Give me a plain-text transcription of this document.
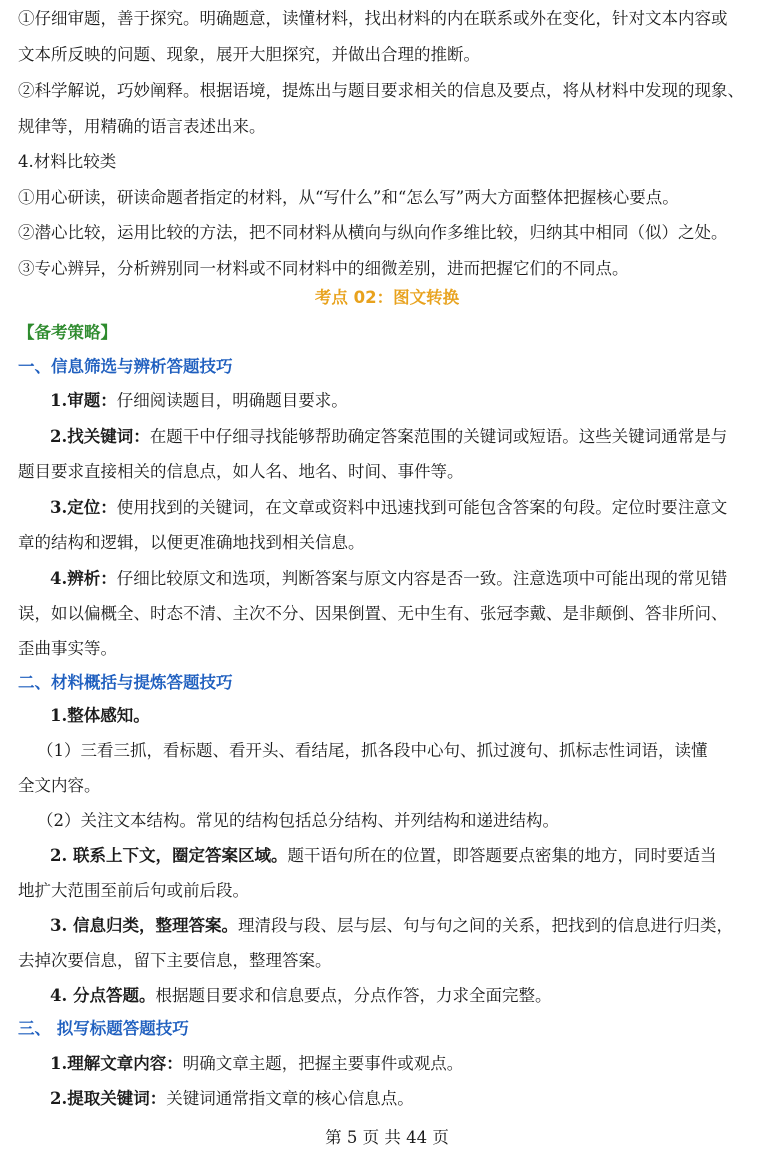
①仔细审题，善于探究。明确题意，读懂材料，找出材料的内在联系或外在变化，针对文本内容或
文本所反映的问题、现象，展开大胆探究，并做出合理的推断。
②科学解说，巧妙阐释。根据语境，提炼出与题目要求相关的信息及要点，将从材料中发现的现象、
规律等，用精确的语言表述出来。
4.材料比较类
①用心研读，研读命题者指定的材料，从“写什么”和“怎么写”两大方面整体把握核心要点。
②潜心比较，运用比较的方法，把不同材料从横向与纵向作多维比较，归纳其中相同（似）之处。
③专心辨异，分析辨别同一材料或不同材料中的细微差别，进而把握它们的不同点。
考点 02：图文转换
【备考策略】
一、信息筛选与辨析答题技巧
1.审题：仔细阅读题目，明确题目要求。
2.找关键词：在题干中仔细寻找能够帮助确定答案范围的关键词或短语。这些关键词通常是与
题目要求直接相关的信息点，如人名、地名、时间、事件等。
3.定位：使用找到的关键词，在文章或资料中迅速找到可能包含答案的句段。定位时要注意文
章的结构和逻辑，以便更准确地找到相关信息。
4.辨析：仔细比较原文和选项，判断答案与原文内容是否一致。注意选项中可能出现的常见错
误，如以偏概全、时态不清、主次不分、因果倒置、无中生有、张冠李戴、是非颠倒、答非所问、
歪曲事实等。
二、材料概括与提炼答题技巧
1.整体感知。
（1）三看三抓，看标题、看开头、看结尾，抓各段中心句、抓过渡句、抓标志性词语，读懂
全文内容。
（2）关注文本结构。常见的结构包括总分结构、并列结构和递进结构。
2. 联系上下文，圈定答案区域。题干语句所在的位置，即答题要点密集的地方，同时要适当
地扩大范围至前后句或前后段。
3. 信息归类，整理答案。理清段与段、层与层、句与句之间的关系，把找到的信息进行归类，
去掉次要信息，留下主要信息，整理答案。
4. 分点答题。根据题目要求和信息要点，分点作答，力求全面完整。
三、 拟写标题答题技巧
1.理解文章内容：明确文章主题，把握主要事件或观点。
2.提取关键词：关键词通常指文章的核心信息点。
第 5 页 共 44 页
